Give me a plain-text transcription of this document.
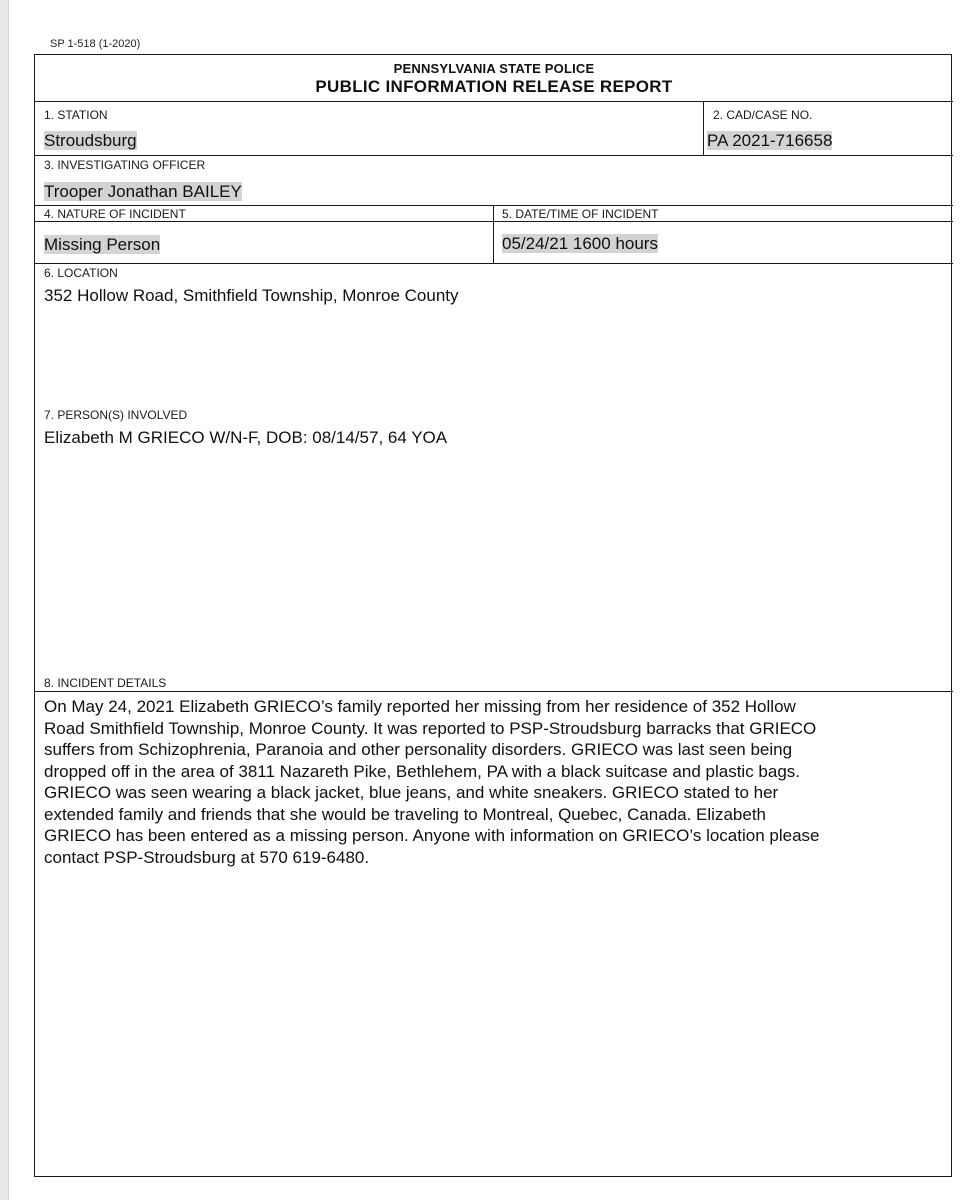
SP 1-518 (1-2020)
PENNSYLVANIA STATE POLICE
PUBLIC INFORMATION RELEASE REPORT
1. STATION
Stroudsburg
2. CAD/CASE NO.
PA 2021-716658
3. INVESTIGATING OFFICER
Trooper Jonathan BAILEY
4. NATURE OF INCIDENT
Missing Person
5. DATE/TIME OF INCIDENT
05/24/21 1600 hours
6. LOCATION
352 Hollow Road, Smithfield Township, Monroe County
7. PERSON(S) INVOLVED
Elizabeth M GRIECO W/N-F, DOB: 08/14/57, 64 YOA
8. INCIDENT DETAILS
On May 24, 2021 Elizabeth GRIECO’s family reported her missing from her residence of 352 Hollow
Road Smithfield Township, Monroe County. It was reported to PSP-Stroudsburg barracks that GRIECO
suffers from Schizophrenia, Paranoia and other personality disorders. GRIECO was last seen being
dropped off in the area of 3811 Nazareth Pike, Bethlehem, PA with a black suitcase and plastic bags.
GRIECO was seen wearing a black jacket, blue jeans, and white sneakers. GRIECO stated to her
extended family and friends that she would be traveling to Montreal, Quebec, Canada. Elizabeth
GRIECO has been entered as a missing person. Anyone with information on GRIECO’s location please
contact PSP-Stroudsburg at 570 619-6480.
